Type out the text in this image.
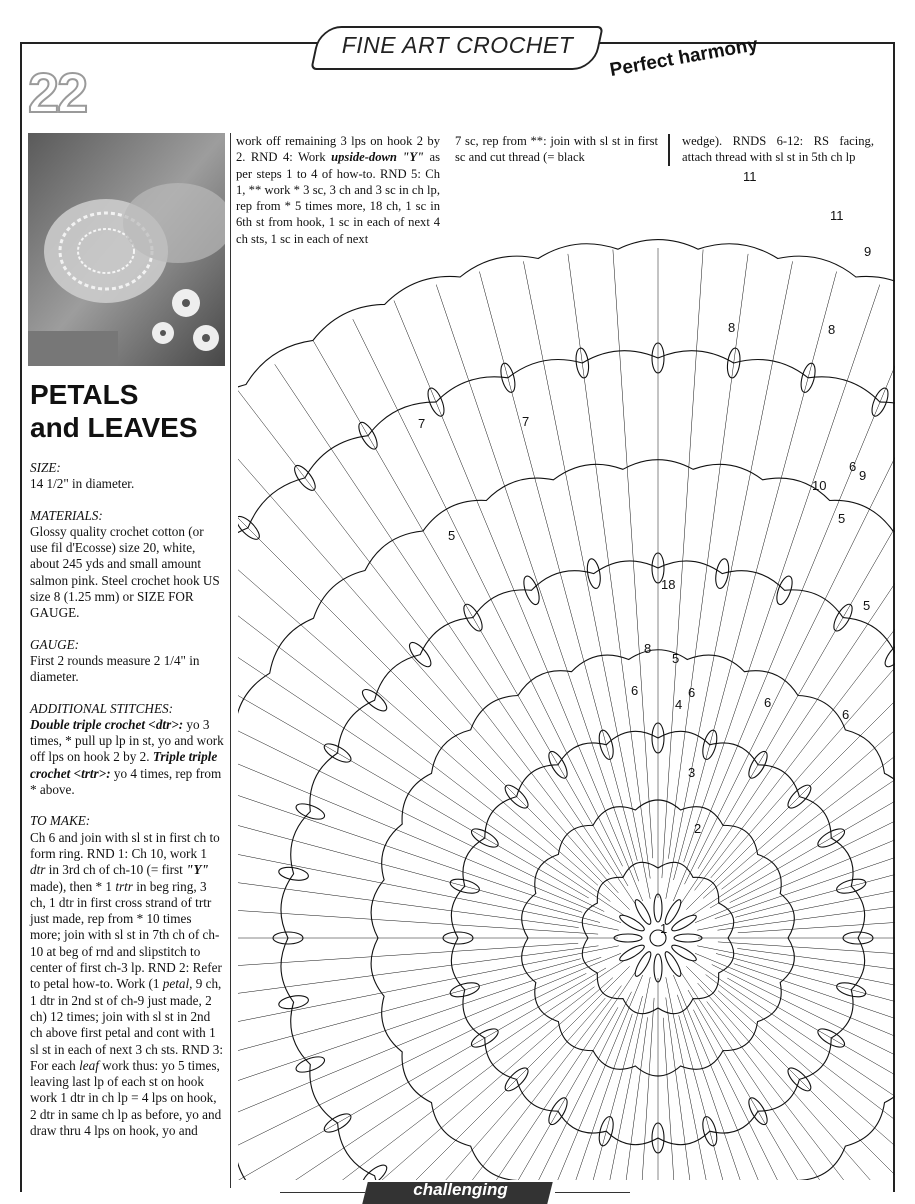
FINE ART CROCHET	Perfect harmony
22
PETALS
and LEAVES

SIZE:
14 1/2" in diameter.

MATERIALS:
Glossy quality crochet cotton (or use fil d'Ecosse) size 20, white, about 245 yds and small amount salmon pink. Steel crochet hook US size 8 (1.25 mm) or SIZE FOR GAUGE.

GAUGE:
First 2 rounds measure 2 1/4" in diameter.

ADDITIONAL STITCHES:
Double triple crochet <dtr>: yo 3 times, * pull up lp in st, yo and work off lps on hook 2 by 2. Triple triple crochet <trtr>: yo 4 times, rep from * above.

TO MAKE:
Ch 6 and join with sl st in first ch to form ring. RND 1: Ch 10, work 1 dtr in 3rd ch of ch-10 (= first "Y" made), then * 1 trtr in beg ring, 3 ch, 1 dtr in first cross strand of trtr just made, rep from * 10 times more; join with sl st in 7th ch of ch-10 at beg of rnd and slipstitch to center of first ch-3 lp. RND 2: Refer to petal how-to. Work (1 petal, 9 ch, 1 dtr in 2nd st of ch-9 just made, 2 ch) 12 times; join with sl st in 2nd ch above first petal and cont with 1 sl st in each of next 3 ch sts. RND 3: For each leaf work thus: yo 5 times, leaving last lp of each st on hook work 1 dtr in ch lp = 4 lps on hook, 2 dtr in same ch lp as before, yo and draw thru 4 lps on hook, yo and

work off remaining 3 lps on hook 2 by 2. RND 4: Work upside-down "Y" as per steps 1 to 4 of how-to. RND 5: Ch 1, ** work * 3 sc, 3 ch and 3 sc in ch lp, rep from * 5 times more, 18 ch, 1 sc in 6th st from hook, 1 sc in each of next 4 ch sts, 1 sc in each of next
7 sc, rep from **: join with sl st in first sc and cut thread (= black
wedge). RNDS 6-12: RS facing, attach thread with sl st in 5th ch lp
11
11
9
8	8
7
7
6
10
9
5
5
5
18
8
5
6	6
4	6
6
3
2
1
challenging
